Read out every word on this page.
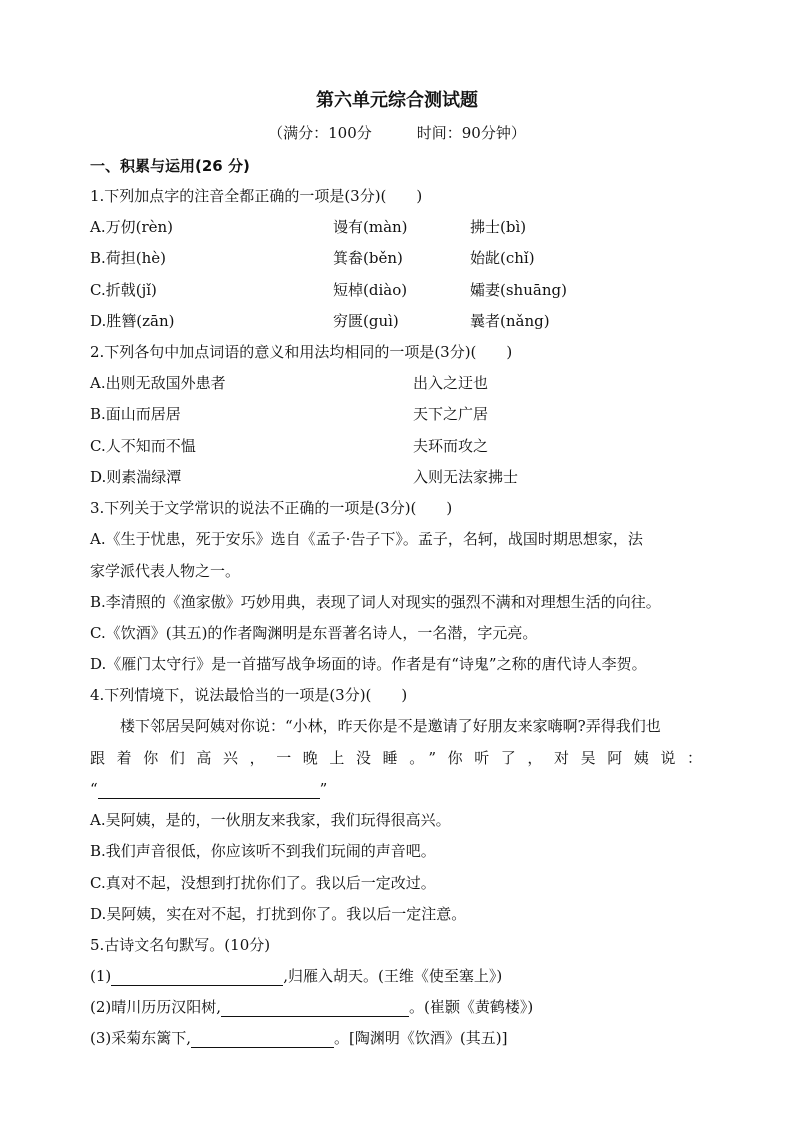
第六单元综合测试题
（满分：100分　　　时间：90分钟）
一、积累与运用(26 分)
1.下列加点字的注音全都正确的一项是(3分)(　　)
A.万仞(rèn)	谩有(màn)	拂士(bì)
B.荷担(hè)	箕畚(běn)	始龀(chǐ)
C.折戟(jǐ)	短棹(diào)	孀妻(shuāng)
D.胜簪(zān)	穷匮(guì)	曩者(nǎng)
2.下列各句中加点词语的意义和用法均相同的一项是(3分)(　　)
A.出则无敌国外患者	出入之迂也
B.面山而居居	天下之广居
C.人不知而不愠	夫环而攻之
D.则素湍绿潭	入则无法家拂士
3.下列关于文学常识的说法不正确的一项是(3分)(　　)
A.《生于忧患，死于安乐》选自《孟子·告子下》。孟子，名轲，战国时期思想家，法
家学派代表人物之一。
B.李清照的《渔家傲》巧妙用典，表现了词人对现实的强烈不满和对理想生活的向往。
C.《饮酒》(其五)的作者陶渊明是东晋著名诗人，一名潜，字元亮。
D.《雁门太守行》是一首描写战争场面的诗。作者是有“诗鬼”之称的唐代诗人李贺。
4.下列情境下，说法最恰当的一项是(3分)(　　)
楼下邻居吴阿姨对你说：“小林，昨天你是不是邀请了好朋友来家嗨啊?弄得我们也
跟着你们高兴，一晚上没睡。”你听了，对吴阿姨说：
“	”
A.吴阿姨，是的，一伙朋友来我家，我们玩得很高兴。
B.我们声音很低，你应该听不到我们玩闹的声音吧。
C.真对不起，没想到打扰你们了。我以后一定改过。
D.吴阿姨，实在对不起，打扰到你了。我以后一定注意。
5.古诗文名句默写。(10分)
(1)	,归雁入胡天。(王维《使至塞上》)
(2)晴川历历汉阳树,	。(崔颢《黄鹤楼》)
(3)采菊东篱下,	。[陶渊明《饮酒》(其五)]
